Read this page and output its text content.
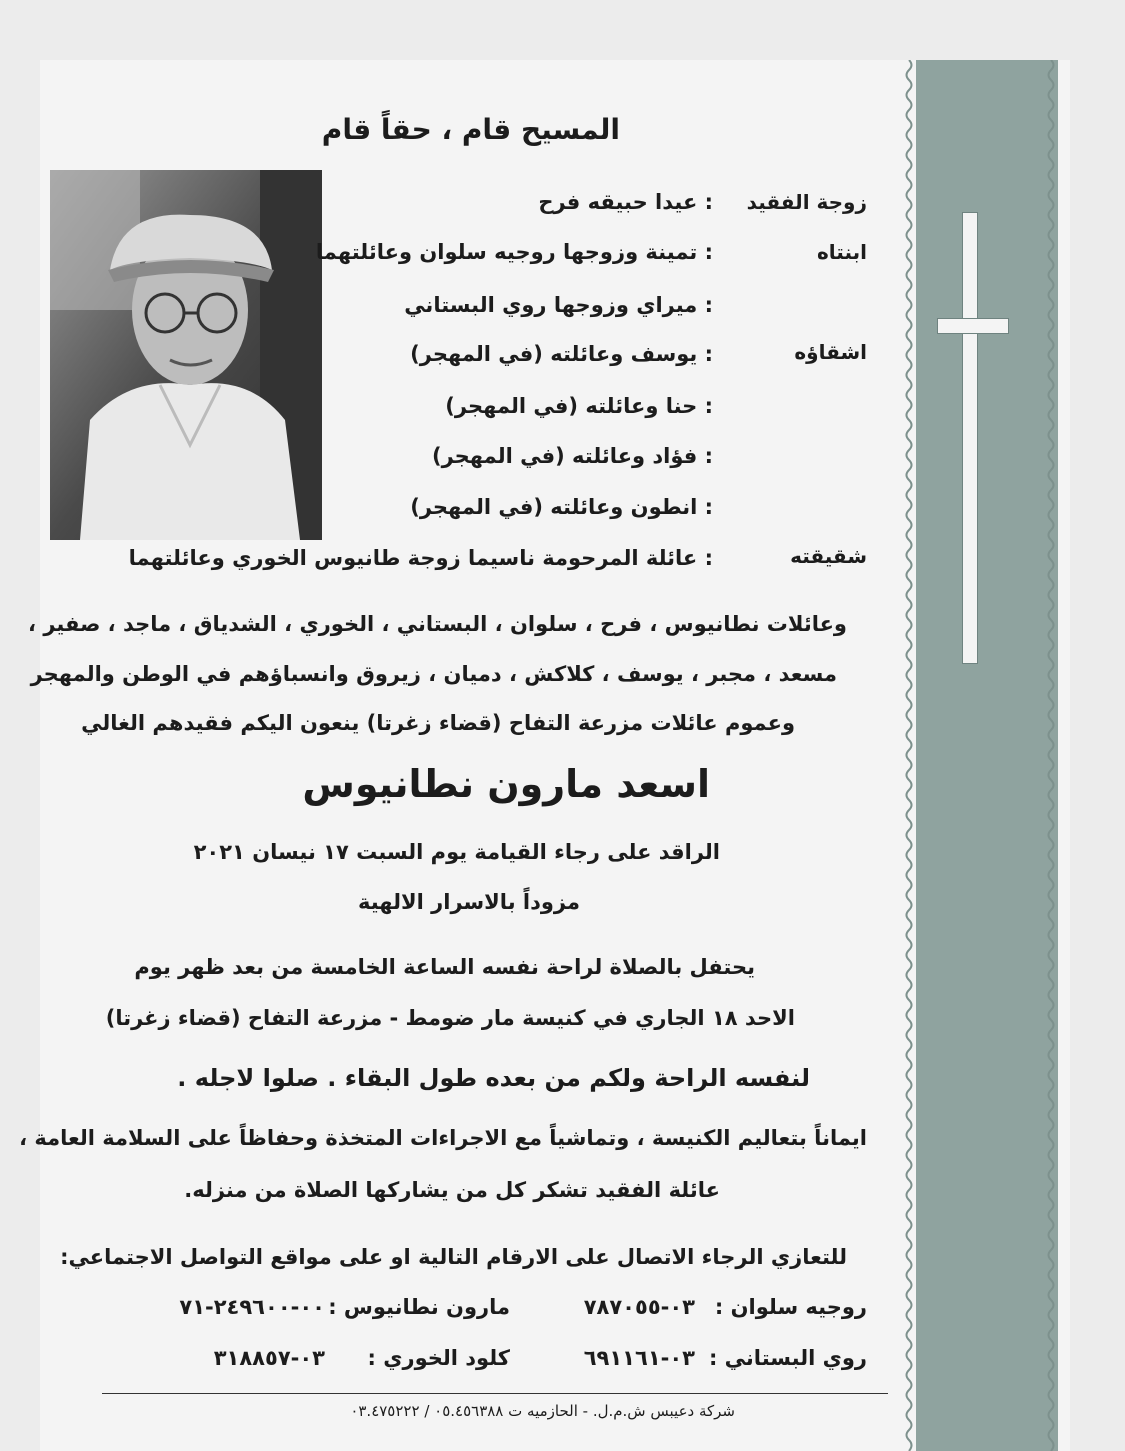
المسيح قام ، حقاً قام
زوجة الفقيد
: عيدا حبيقه فرح
ابنتاه
: تمينة وزوجها روجيه سلوان وعائلتهما
: ميراي وزوجها روي البستاني
اشقاؤه
: يوسف وعائلته (في المهجر)
: حنا وعائلته (في المهجر)
: فؤاد وعائلته (في المهجر)
: انطون وعائلته (في المهجر)
شقيقته
: عائلة المرحومة ناسيما زوجة طانيوس الخوري وعائلتهما
وعائلات نطانيوس ، فرح ، سلوان ، البستاني ، الخوري ، الشدياق ، ماجد ، صفير ،
مسعد ، مجبر ، يوسف ، كلاكش ، دميان ، زيروق وانسباؤهم في الوطن والمهجر
وعموم عائلات مزرعة التفاح (قضاء زغرتا) ينعون اليكم فقيدهم الغالي
اسعد مارون نطانيوس
الراقد على رجاء القيامة يوم السبت ١٧ نيسان ٢٠٢١
مزوداً بالاسرار الالهية
يحتفل بالصلاة لراحة نفسه الساعة الخامسة من بعد ظهر يوم
الاحد ١٨ الجاري في كنيسة مار ضومط - مزرعة التفاح (قضاء زغرتا)
لنفسه الراحة ولكم من بعده طول البقاء . صلوا لاجله .
ايماناً بتعاليم الكنيسة ، وتماشياً مع الاجراءات المتخذة وحفاظاً على السلامة العامة ،
عائلة الفقيد تشكر كل من يشاركها الصلاة من منزله.
للتعازي الرجاء الاتصال على الارقام التالية او على مواقع التواصل الاجتماعي:
روجيه سلوان :
٠٣-٧٨٧٠٥٥
مارون نطانيوس :
٠٠-٢٤٩٦٠٠-٧١
روي البستاني :
٠٣-٦٩١١٦١
كلود الخوري :
٠٣-٣١٨٨٥٧
شركة دعيبس ش.م.ل. - الحازميه ت ٠٥.٤٥٦٣٨٨ / ٠٣.٤٧٥٢٢٢
